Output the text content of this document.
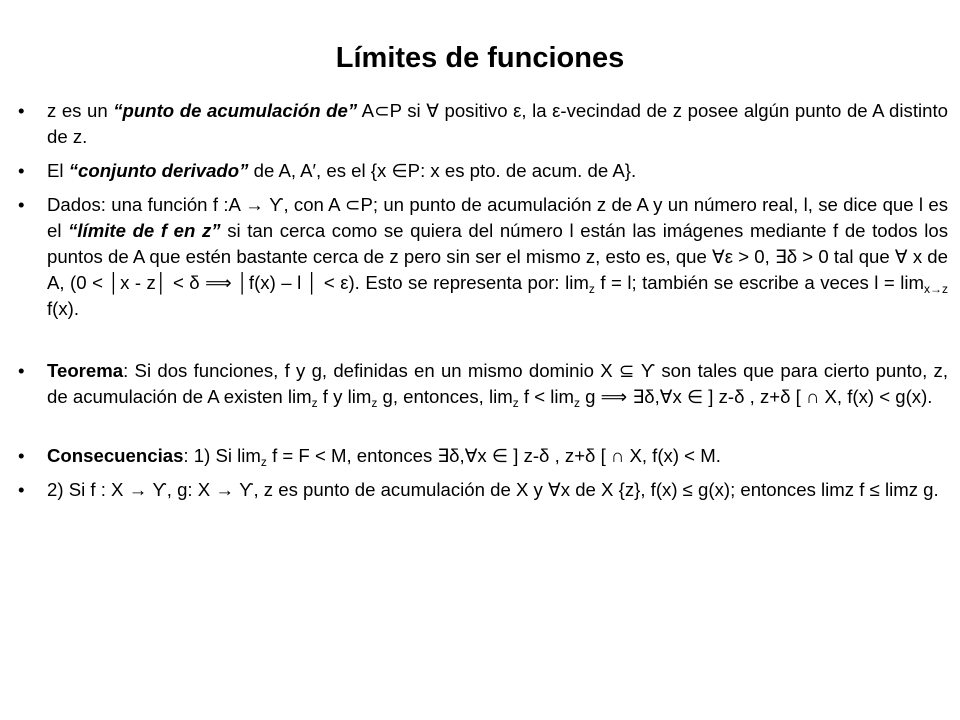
Límites de funciones
• z es un “punto de acumulación de” A⊂P si ∀ positivo ε, la ε-vecindad de z posee algún punto de A distinto de z.
• El “conjunto derivado” de A, A′, es el {x ∈P: x es pto. de acum. de A}.
• Dados: una función f :A → ϒ, con A ⊂P; un punto de acumulación z de A y un número real, l, se dice que l es el “límite de f en z” si tan cerca como se quiera del número l están las imágenes mediante f de todos los puntos de A que estén bastante cerca de z pero sin ser el mismo z, esto es, que ∀ε > 0, ∃δ > 0 tal que ∀ x de A, (0 < │x - z│ < δ ⟹ │f(x) – l │ < ε). Esto se representa por: $\lim_z f = l$; también se escribe a veces $l = \lim_{x\to z} f(x)$.
• Teorema: Si dos funciones, f y g, definidas en un mismo dominio X ⊆ ϒ son tales que para cierto punto, z, de acumulación de A existen $\lim_z f$ y $\lim_z g$, entonces, $\lim_z f < \lim_z g$ ⟹ ∃δ,∀x ∈ ] z-δ , z+δ [ ∩ X, f(x) < g(x).
• Consecuencias: 1) Si $\lim_z f = F < M$, entonces ∃δ,∀x ∈ ] z-δ , z+δ [ ∩ X, f(x) < M.
• 2) Si f : X → ϒ, g: X → ϒ, z es punto de acumulación de X y ∀x de X {z}, f(x) ≤ g(x); entonces limz f ≤ limz g.
